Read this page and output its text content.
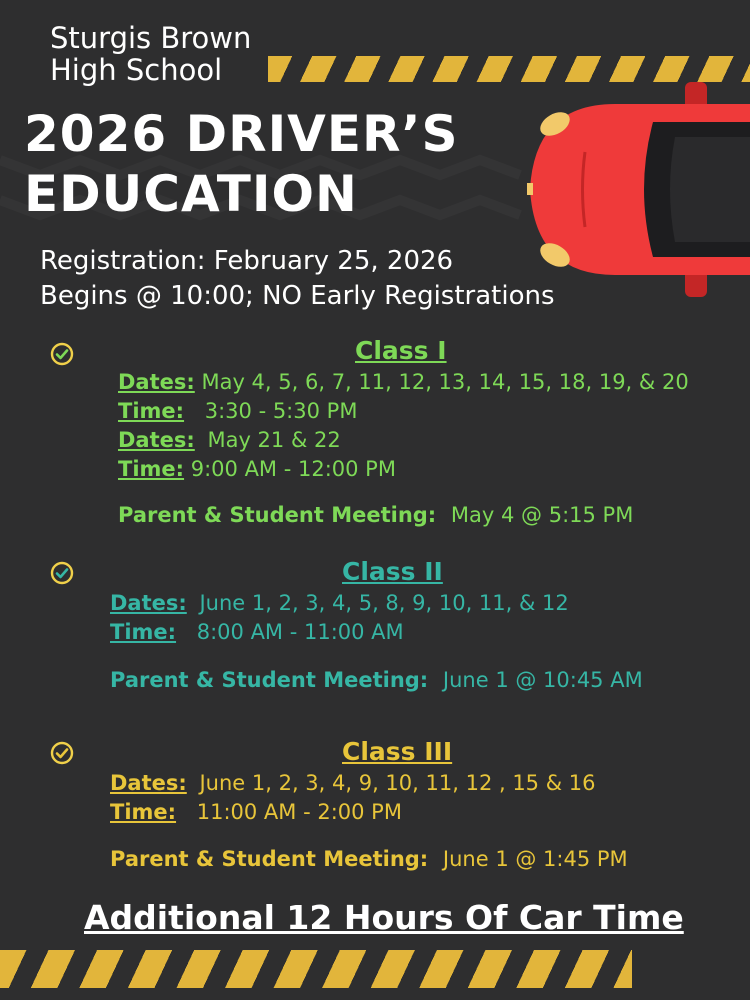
Sturgis Brown
High School
2026 DRIVER’S
EDUCATION
Registration: February 25, 2026
Begins @ 10:00; NO Early Registrations
Class I
Dates: May 4, 5, 6, 7, 11, 12, 13, 14, 15, 18, 19, & 20
Time: 3:30 - 5:30 PM
Dates: May 21 & 22
Time: 9:00 AM - 12:00 PM
Parent & Student Meeting: May 4 @ 5:15 PM
Class II
Dates: June 1, 2, 3, 4, 5, 8, 9, 10, 11, & 12
Time: 8:00 AM - 11:00 AM
Parent & Student Meeting: June 1 @ 10:45 AM
Class III
Dates: June 1, 2, 3, 4, 9, 10, 11, 12 , 15 & 16
Time: 11:00 AM - 2:00 PM
Parent & Student Meeting: June 1 @ 1:45 PM
Additional 12 Hours Of Car Time
